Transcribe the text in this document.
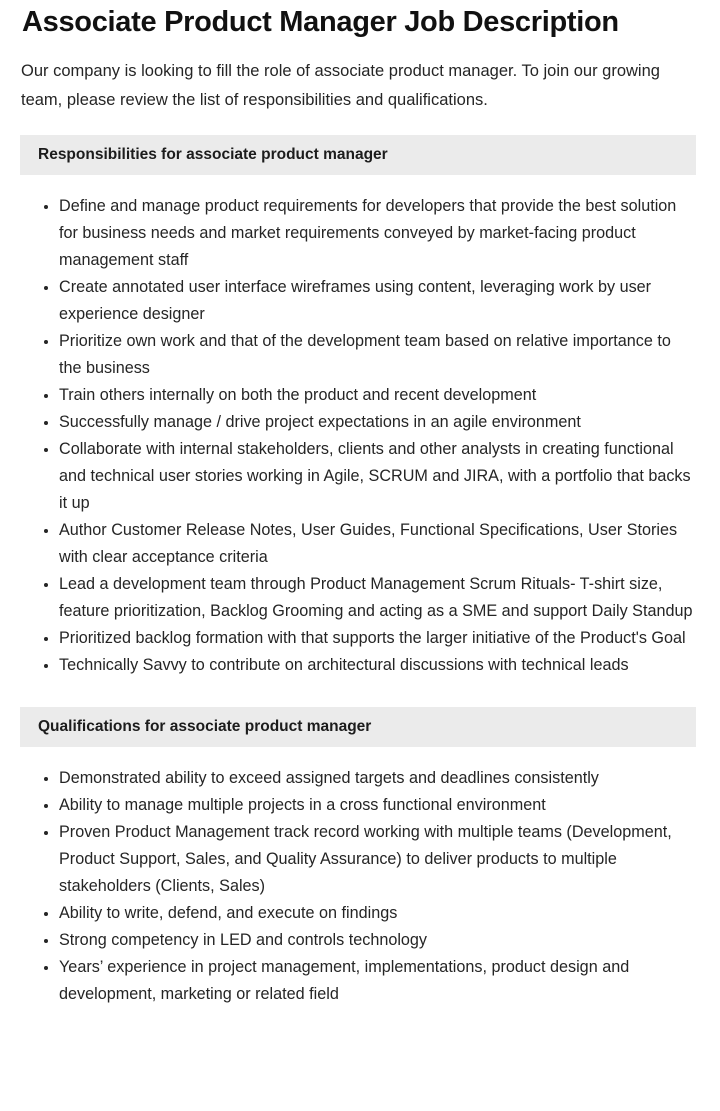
Associate Product Manager Job Description

Our company is looking to fill the role of associate product manager. To join our growing team, please review the list of responsibilities and qualifications.

Responsibilities for associate product manager
Define and manage product requirements for developers that provide the best solution for business needs and market requirements conveyed by market-facing product management staff
Create annotated user interface wireframes using content, leveraging work by user experience designer
Prioritize own work and that of the development team based on relative importance to the business
Train others internally on both the product and recent development
Successfully manage / drive project expectations in an agile environment
Collaborate with internal stakeholders, clients and other analysts in creating functional and technical user stories working in Agile, SCRUM and JIRA, with a portfolio that backs it up
Author Customer Release Notes, User Guides, Functional Specifications, User Stories with clear acceptance criteria
Lead a development team through Product Management Scrum Rituals- T-shirt size, feature prioritization, Backlog Grooming and acting as a SME and support Daily Standup
Prioritized backlog formation with that supports the larger initiative of the Product's Goal
Technically Savvy to contribute on architectural discussions with technical leads
Qualifications for associate product manager
Demonstrated ability to exceed assigned targets and deadlines consistently
Ability to manage multiple projects in a cross functional environment
Proven Product Management track record working with multiple teams (Development, Product Support, Sales, and Quality Assurance) to deliver products to multiple stakeholders (Clients, Sales)
Ability to write, defend, and execute on findings
Strong competency in LED and controls technology
Years’ experience in project management, implementations, product design and development, marketing or related field
